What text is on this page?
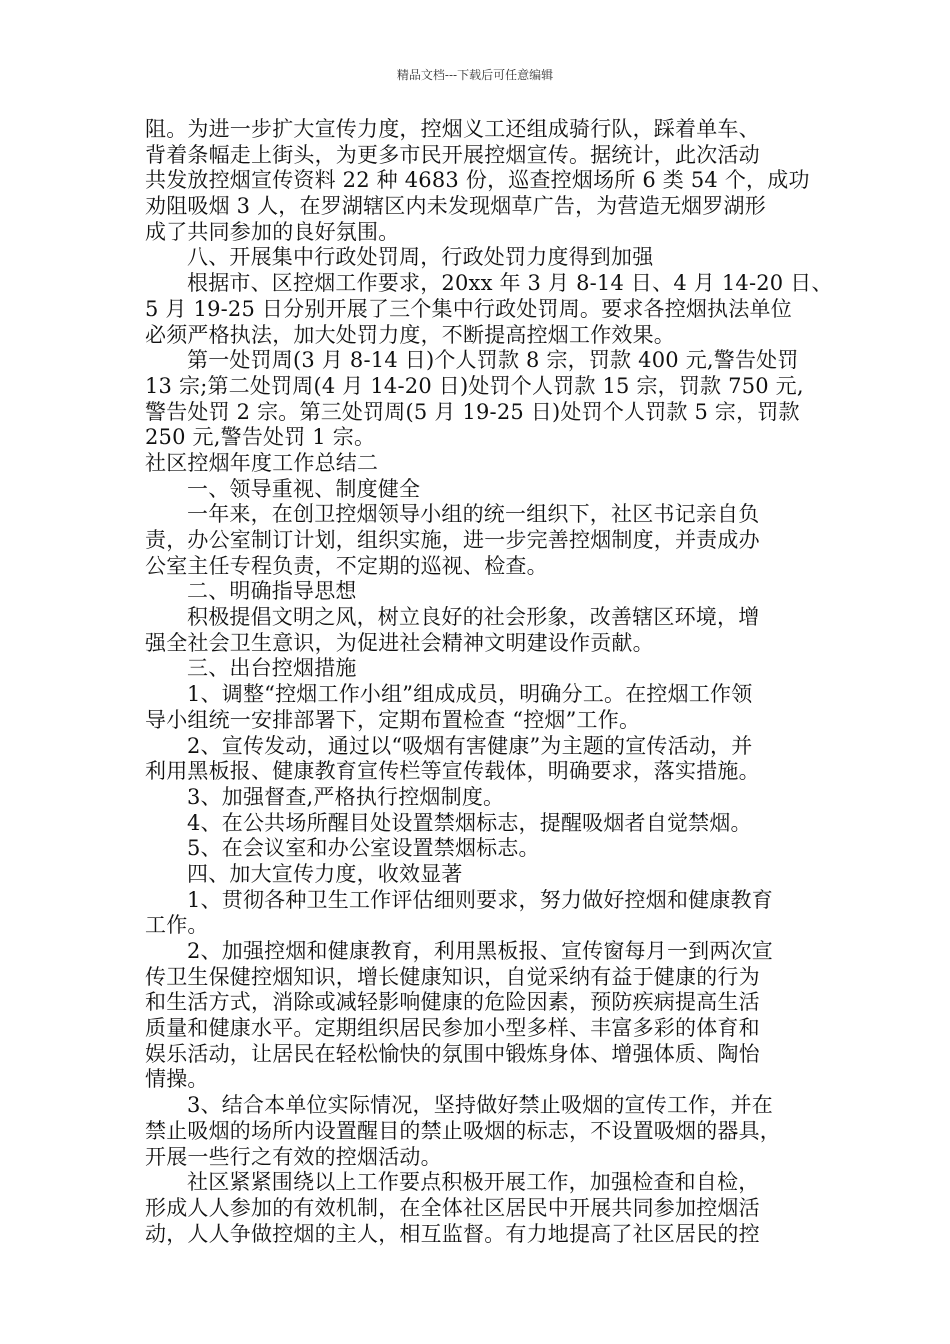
精品文档---下载后可任意编辑
阻。为进一步扩大宣传力度，控烟义工还组成骑行队，踩着单车、
背着条幅走上街头，为更多市民开展控烟宣传。据统计，此次活动
共发放控烟宣传资料 22 种 4683 份，巡查控烟场所 6 类 54 个，成功
劝阻吸烟 3 人，在罗湖辖区内未发现烟草广告，为营造无烟罗湖形
成了共同参加的良好氛围。
八、开展集中行政处罚周，行政处罚力度得到加强
根据市、区控烟工作要求，20xx 年 3 月 8-14 日、4 月 14-20 日、
5 月 19-25 日分别开展了三个集中行政处罚周。要求各控烟执法单位
必须严格执法，加大处罚力度，不断提高控烟工作效果。
第一处罚周(3 月 8-14 日)个人罚款 8 宗，罚款 400 元,警告处罚
13 宗;第二处罚周(4 月 14-20 日)处罚个人罚款 15 宗，罚款 750 元,
警告处罚 2 宗。第三处罚周(5 月 19-25 日)处罚个人罚款 5 宗，罚款
250 元,警告处罚 1 宗。
社区控烟年度工作总结二
一、领导重视、制度健全
一年来，在创卫控烟领导小组的统一组织下，社区书记亲自负
责，办公室制订计划，组织实施，进一步完善控烟制度，并责成办
公室主任专程负责，不定期的巡视、检查。
二、明确指导思想
积极提倡文明之风，树立良好的社会形象，改善辖区环境，增
强全社会卫生意识，为促进社会精神文明建设作贡献。
三、出台控烟措施
1、调整“控烟工作小组”组成成员，明确分工。在控烟工作领
导小组统一安排部署下，定期布置检查 “控烟”工作。
2、宣传发动，通过以“吸烟有害健康”为主题的宣传活动，并
利用黑板报、健康教育宣传栏等宣传载体，明确要求，落实措施。
3、加强督查,严格执行控烟制度。
4、在公共场所醒目处设置禁烟标志，提醒吸烟者自觉禁烟。
5、在会议室和办公室设置禁烟标志。
四、加大宣传力度，收效显著
1、贯彻各种卫生工作评估细则要求，努力做好控烟和健康教育
工作。
2、加强控烟和健康教育，利用黑板报、宣传窗每月一到两次宣
传卫生保健控烟知识，增长健康知识，自觉采纳有益于健康的行为
和生活方式，消除或减轻影响健康的危险因素，预防疾病提高生活
质量和健康水平。定期组织居民参加小型多样、丰富多彩的体育和
娱乐活动，让居民在轻松愉快的氛围中锻炼身体、增强体质、陶怡
情操。
3、结合本单位实际情况，坚持做好禁止吸烟的宣传工作，并在
禁止吸烟的场所内设置醒目的禁止吸烟的标志，不设置吸烟的器具，
开展一些行之有效的控烟活动。
社区紧紧围绕以上工作要点积极开展工作，加强检查和自检，
形成人人参加的有效机制，在全体社区居民中开展共同参加控烟活
动，人人争做控烟的主人，相互监督。有力地提高了社区居民的控
